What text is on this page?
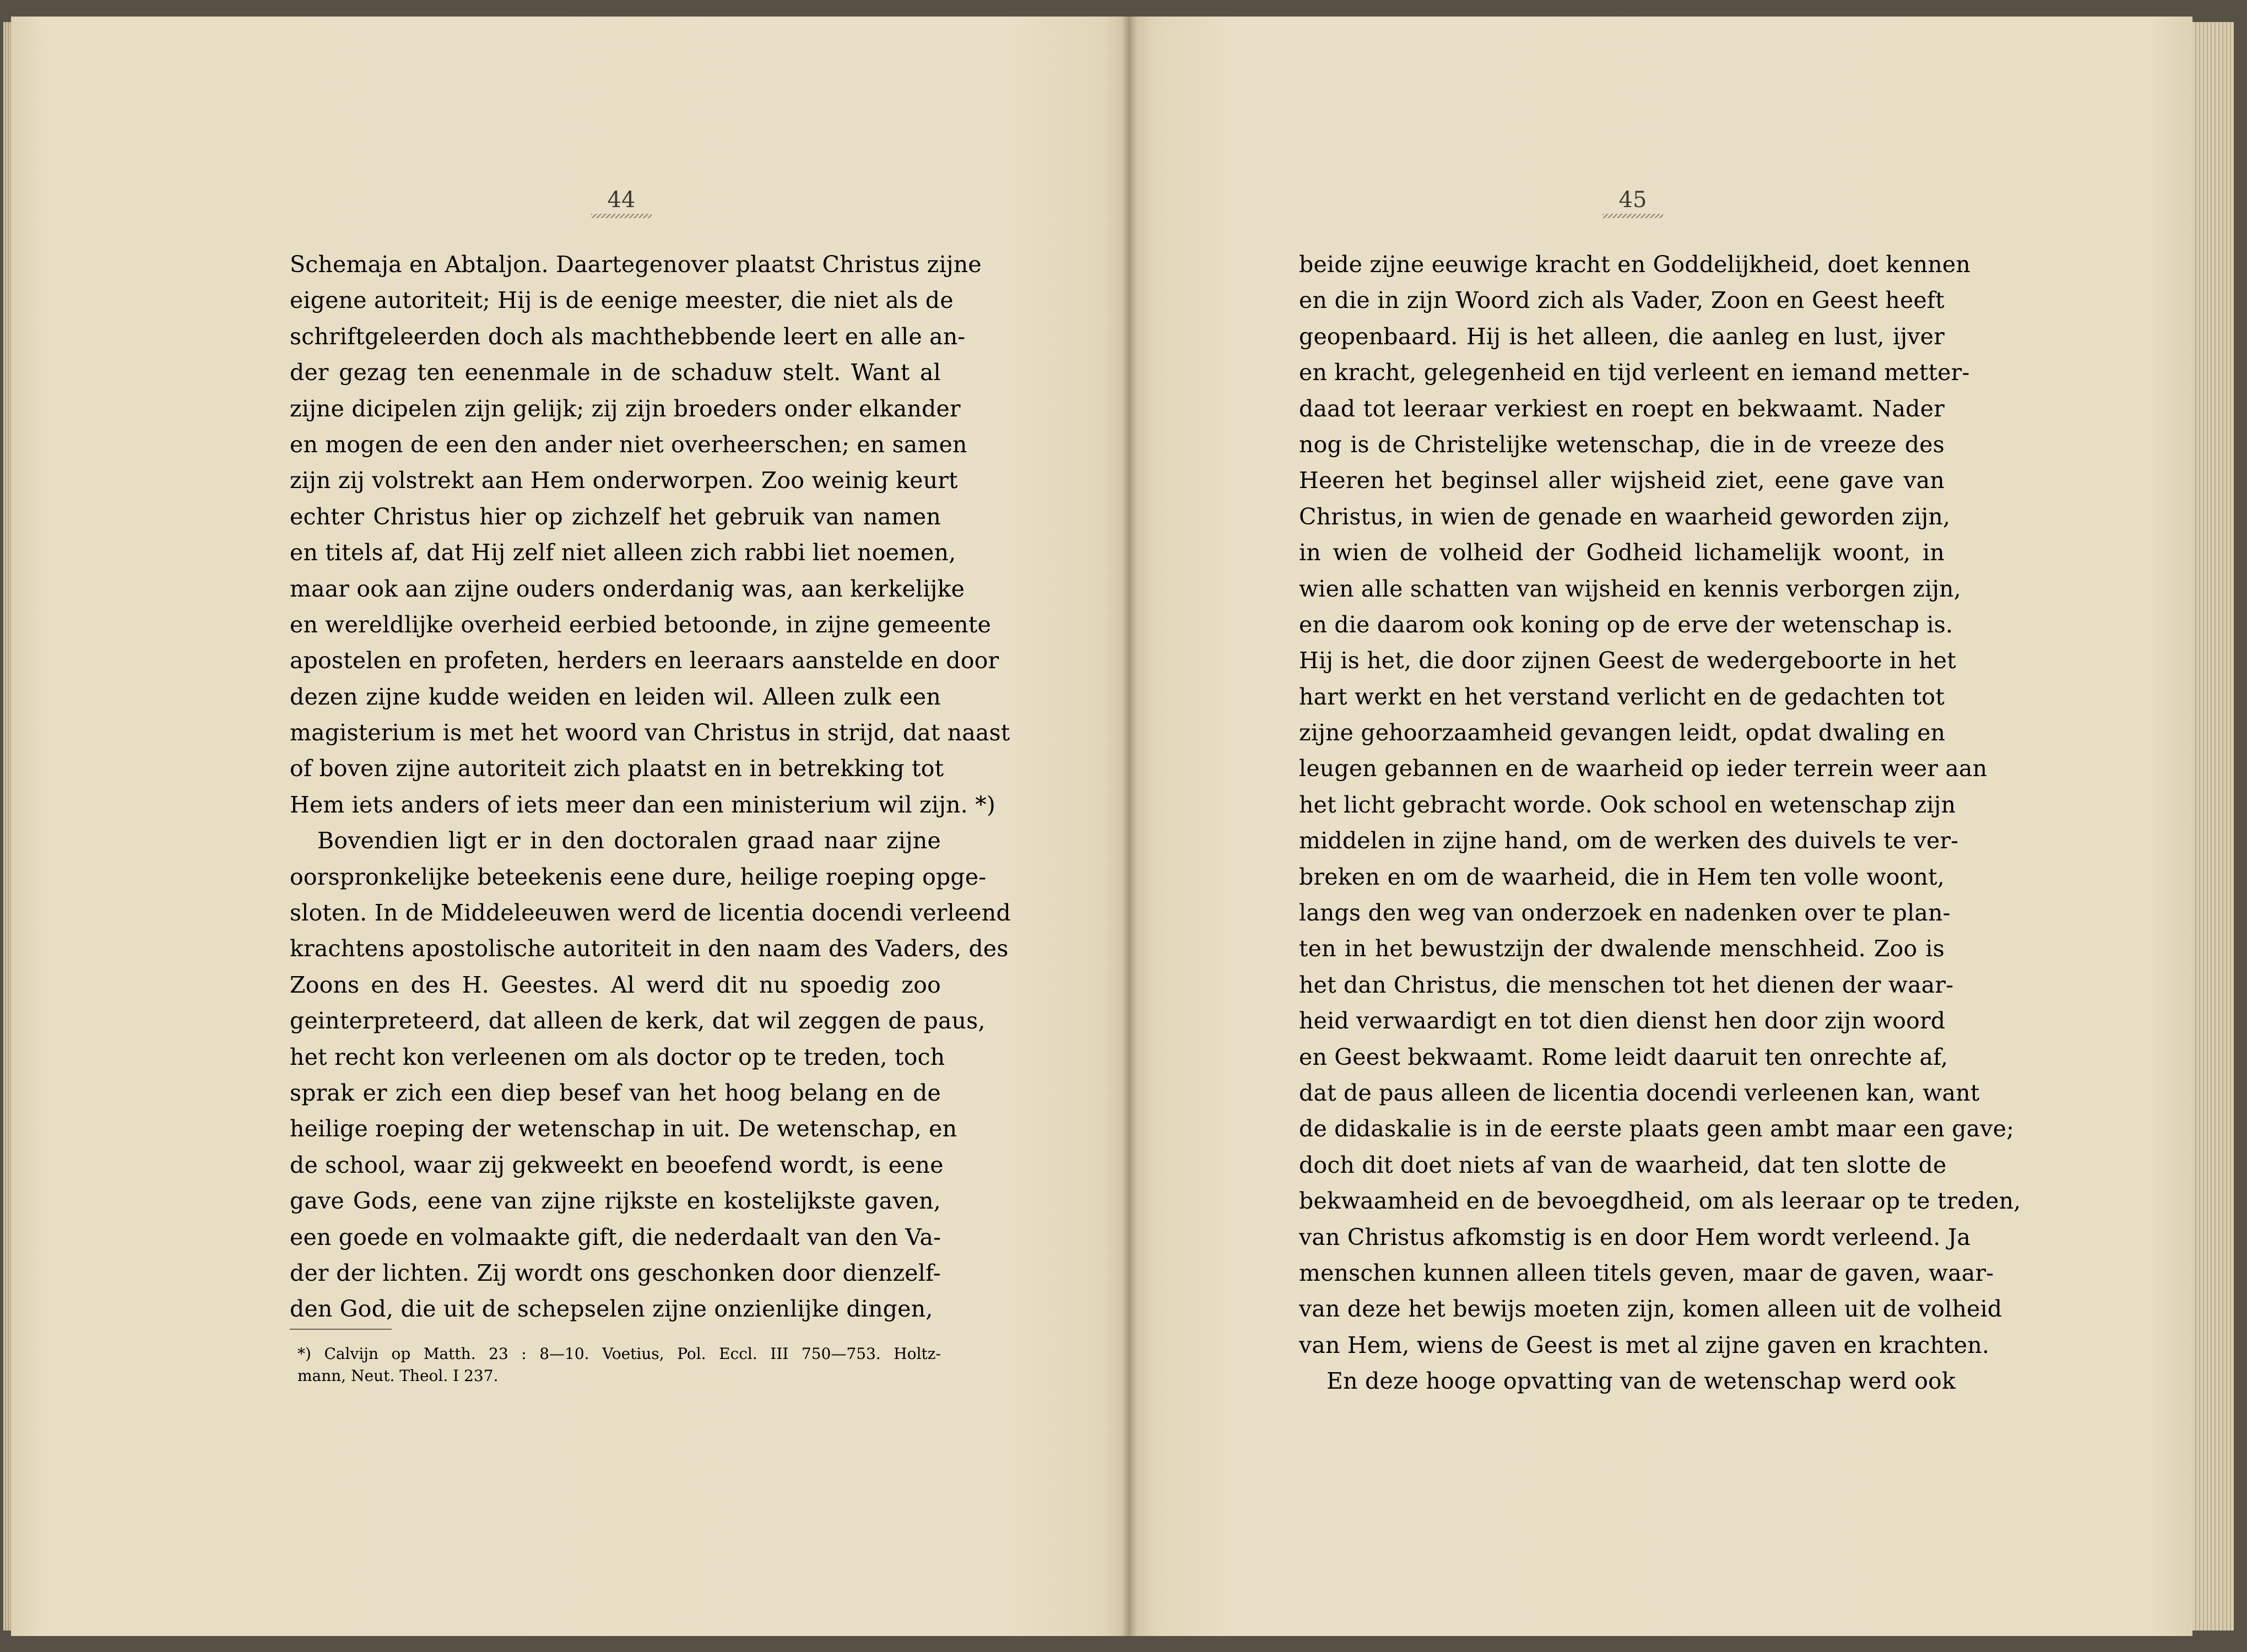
44
Schemaja en Abtaljon. Daartegenover plaatst Christus zijne
eigene autoriteit; Hij is de eenige meester, die niet als de
schriftgeleerden doch als machthebbende leert en alle an-
der gezag ten eenenmale in de schaduw stelt. Want al
zijne dicipelen zijn gelijk; zij zijn broeders onder elkander
en mogen de een den ander niet overheerschen; en samen
zijn zij volstrekt aan Hem onderworpen. Zoo weinig keurt
echter Christus hier op zichzelf het gebruik van namen
en titels af, dat Hij zelf niet alleen zich rabbi liet noemen,
maar ook aan zijne ouders onderdanig was, aan kerkelijke
en wereldlijke overheid eerbied betoonde, in zijne gemeente
apostelen en profeten, herders en leeraars aanstelde en door
dezen zijne kudde weiden en leiden wil. Alleen zulk een
magisterium is met het woord van Christus in strijd, dat naast
of boven zijne autoriteit zich plaatst en in betrekking tot
Hem iets anders of iets meer dan een ministerium wil zijn. *)
Bovendien ligt er in den doctoralen graad naar zijne
oorspronkelijke beteekenis eene dure, heilige roeping opge-
sloten. In de Middeleeuwen werd de licentia docendi verleend
krachtens apostolische autoriteit in den naam des Vaders, des
Zoons en des H. Geestes. Al werd dit nu spoedig zoo
geinterpreteerd, dat alleen de kerk, dat wil zeggen de paus,
het recht kon verleenen om als doctor op te treden, toch
sprak er zich een diep besef van het hoog belang en de
heilige roeping der wetenschap in uit. De wetenschap, en
de school, waar zij gekweekt en beoefend wordt, is eene
gave Gods, eene van zijne rijkste en kostelijkste gaven,
een goede en volmaakte gift, die nederdaalt van den Va-
der der lichten. Zij wordt ons geschonken door dienzelf-
den God, die uit de schepselen zijne onzienlijke dingen,
*) Calvijn op Matth. 23 : 8—10. Voetius, Pol. Eccl. III 750—753. Holtz-
mann, Neut. Theol. I 237.
45
beide zijne eeuwige kracht en Goddelijkheid, doet kennen
en die in zijn Woord zich als Vader, Zoon en Geest heeft
geopenbaard. Hij is het alleen, die aanleg en lust, ijver
en kracht, gelegenheid en tijd verleent en iemand metter-
daad tot leeraar verkiest en roept en bekwaamt. Nader
nog is de Christelijke wetenschap, die in de vreeze des
Heeren het beginsel aller wijsheid ziet, eene gave van
Christus, in wien de genade en waarheid geworden zijn,
in wien de volheid der Godheid lichamelijk woont, in
wien alle schatten van wijsheid en kennis verborgen zijn,
en die daarom ook koning op de erve der wetenschap is.
Hij is het, die door zijnen Geest de wedergeboorte in het
hart werkt en het verstand verlicht en de gedachten tot
zijne gehoorzaamheid gevangen leidt, opdat dwaling en
leugen gebannen en de waarheid op ieder terrein weer aan
het licht gebracht worde. Ook school en wetenschap zijn
middelen in zijne hand, om de werken des duivels te ver-
breken en om de waarheid, die in Hem ten volle woont,
langs den weg van onderzoek en nadenken over te plan-
ten in het bewustzijn der dwalende menschheid. Zoo is
het dan Christus, die menschen tot het dienen der waar-
heid verwaardigt en tot dien dienst hen door zijn woord
en Geest bekwaamt. Rome leidt daaruit ten onrechte af,
dat de paus alleen de licentia docendi verleenen kan, want
de didaskalie is in de eerste plaats geen ambt maar een gave;
doch dit doet niets af van de waarheid, dat ten slotte de
bekwaamheid en de bevoegdheid, om als leeraar op te treden,
van Christus afkomstig is en door Hem wordt verleend. Ja
menschen kunnen alleen titels geven, maar de gaven, waar-
van deze het bewijs moeten zijn, komen alleen uit de volheid
van Hem, wiens de Geest is met al zijne gaven en krachten.
En deze hooge opvatting van de wetenschap werd ook
